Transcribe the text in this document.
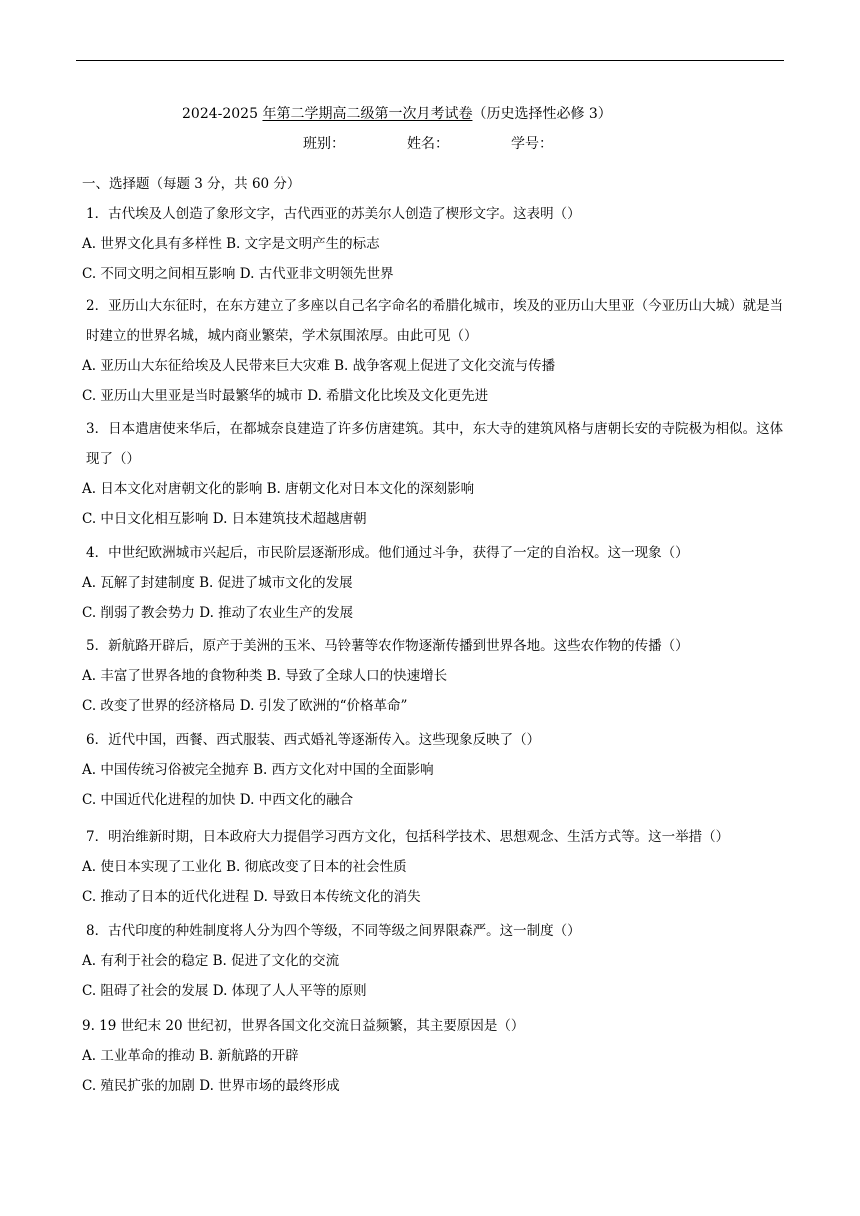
2024-2025 年第二学期高二级第一次月考试卷（历史选择性必修 3）
班别：	姓名：	学号：
一、选择题（每题 3 分，共 60 分）
1．古代埃及人创造了象形文字，古代西亚的苏美尔人创造了楔形文字。这表明（）
A. 世界文化具有多样性 B. 文字是文明产生的标志
C. 不同文明之间相互影响 D. 古代亚非文明领先世界
2．亚历山大东征时，在东方建立了多座以自己名字命名的希腊化城市，埃及的亚历山大里亚（今亚历山大城）就是当时建立的世界名城，城内商业繁荣，学术氛围浓厚。由此可见（）
A. 亚历山大东征给埃及人民带来巨大灾难 B. 战争客观上促进了文化交流与传播
C. 亚历山大里亚是当时最繁华的城市 D. 希腊文化比埃及文化更先进
3．日本遣唐使来华后，在都城奈良建造了许多仿唐建筑。其中，东大寺的建筑风格与唐朝长安的寺院极为相似。这体现了（）
A. 日本文化对唐朝文化的影响 B. 唐朝文化对日本文化的深刻影响
C. 中日文化相互影响 D. 日本建筑技术超越唐朝
4．中世纪欧洲城市兴起后，市民阶层逐渐形成。他们通过斗争，获得了一定的自治权。这一现象（）
A. 瓦解了封建制度 B. 促进了城市文化的发展
C. 削弱了教会势力 D. 推动了农业生产的发展
5．新航路开辟后，原产于美洲的玉米、马铃薯等农作物逐渐传播到世界各地。这些农作物的传播（）
A. 丰富了世界各地的食物种类 B. 导致了全球人口的快速增长
C. 改变了世界的经济格局 D. 引发了欧洲的“价格革命”
6．近代中国，西餐、西式服装、西式婚礼等逐渐传入。这些现象反映了（）
A. 中国传统习俗被完全抛弃 B. 西方文化对中国的全面影响
C. 中国近代化进程的加快 D. 中西文化的融合
7．明治维新时期，日本政府大力提倡学习西方文化，包括科学技术、思想观念、生活方式等。这一举措（）
A. 使日本实现了工业化 B. 彻底改变了日本的社会性质
C. 推动了日本的近代化进程 D. 导致日本传统文化的消失
8．古代印度的种姓制度将人分为四个等级，不同等级之间界限森严。这一制度（）
A. 有利于社会的稳定 B. 促进了文化的交流
C. 阻碍了社会的发展 D. 体现了人人平等的原则
9. 19 世纪末 20 世纪初，世界各国文化交流日益频繁，其主要原因是（）
A. 工业革命的推动 B. 新航路的开辟
C. 殖民扩张的加剧 D. 世界市场的最终形成
